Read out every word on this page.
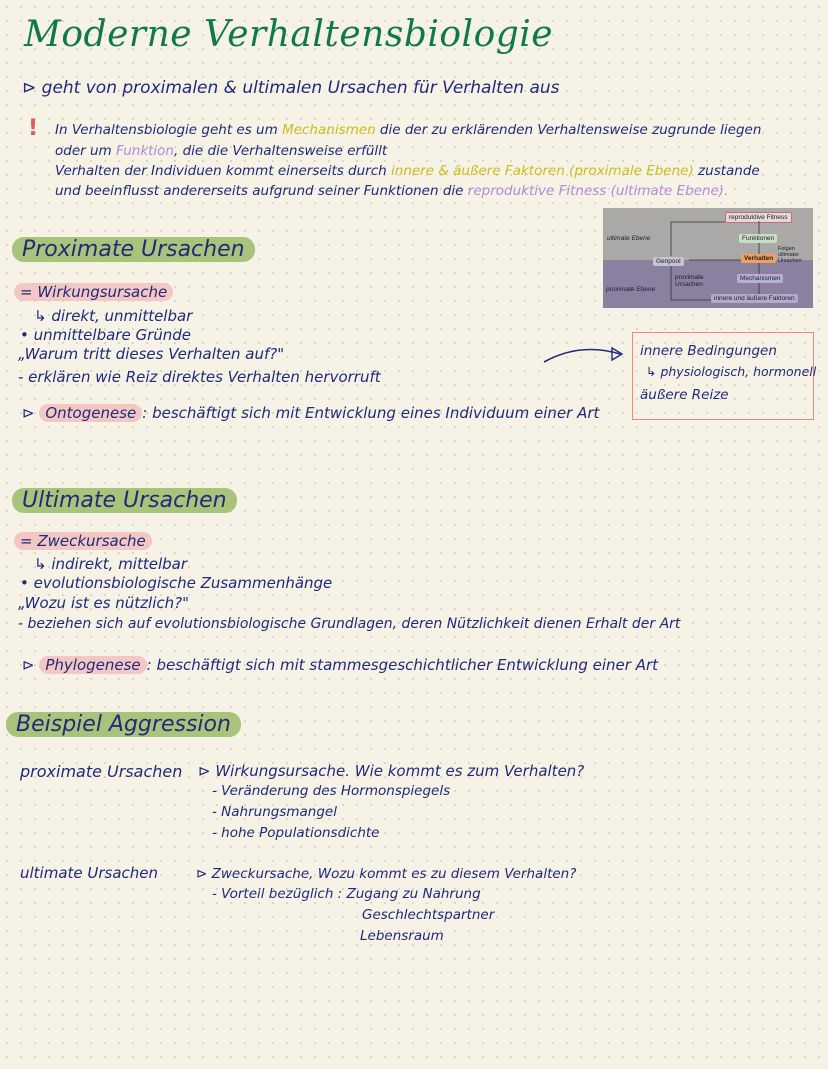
Moderne Verhaltensbiologie
⊳ geht von proximalen & ultimalen Ursachen für Verhalten aus
! In Verhaltensbiologie geht es um Mechanismen die der zu erklärenden Verhaltensweise zugrunde liegen
oder um Funktion, die die Verhaltensweise erfüllt
Verhalten der Individuen kommt einerseits durch innere & äußere Faktoren (proximale Ebene) zustande
und beeinflusst andererseits aufgrund seiner Funktionen die reproduktive Fitness (ultimate Ebene).
reproduktive Fitness
ultimate Ebene	Funktionen
Folgen ultimater Ursachen
Genpool	Verhalten
proximate Ursachen
Mechanismen
proximate Ebene
innere und äußere Faktoren
Proximate Ursachen
= Wirkungsursache
↳ direkt, unmittelbar
• unmittelbare Gründe
„Warum tritt dieses Verhalten auf?"
- erklären wie Reiz direktes Verhalten hervorruft
innere Bedingungen
↳ physiologisch, hormonell
äußere Reize
⊳ Ontogenese : beschäftigt sich mit Entwicklung eines Individuum einer Art
Ultimate Ursachen
= Zweckursache
↳ indirekt, mittelbar
• evolutionsbiologische Zusammenhänge
„Wozu ist es nützlich?"
- beziehen sich auf evolutionsbiologische Grundlagen, deren Nützlichkeit dienen Erhalt der Art
⊳ Phylogenese : beschäftigt sich mit stammesgeschichtlicher Entwicklung einer Art
Beispiel Aggression
proximate Ursachen ⊳ Wirkungsursache. Wie kommt es zum Verhalten?
- Veränderung des Hormonspiegels
- Nahrungsmangel
- hohe Populationsdichte
ultimate Ursachen	⊳ Zweckursache, Wozu kommt es zu diesem Verhalten?
- Vorteil bezüglich : Zugang zu Nahrung
Geschlechtspartner
Lebensraum
